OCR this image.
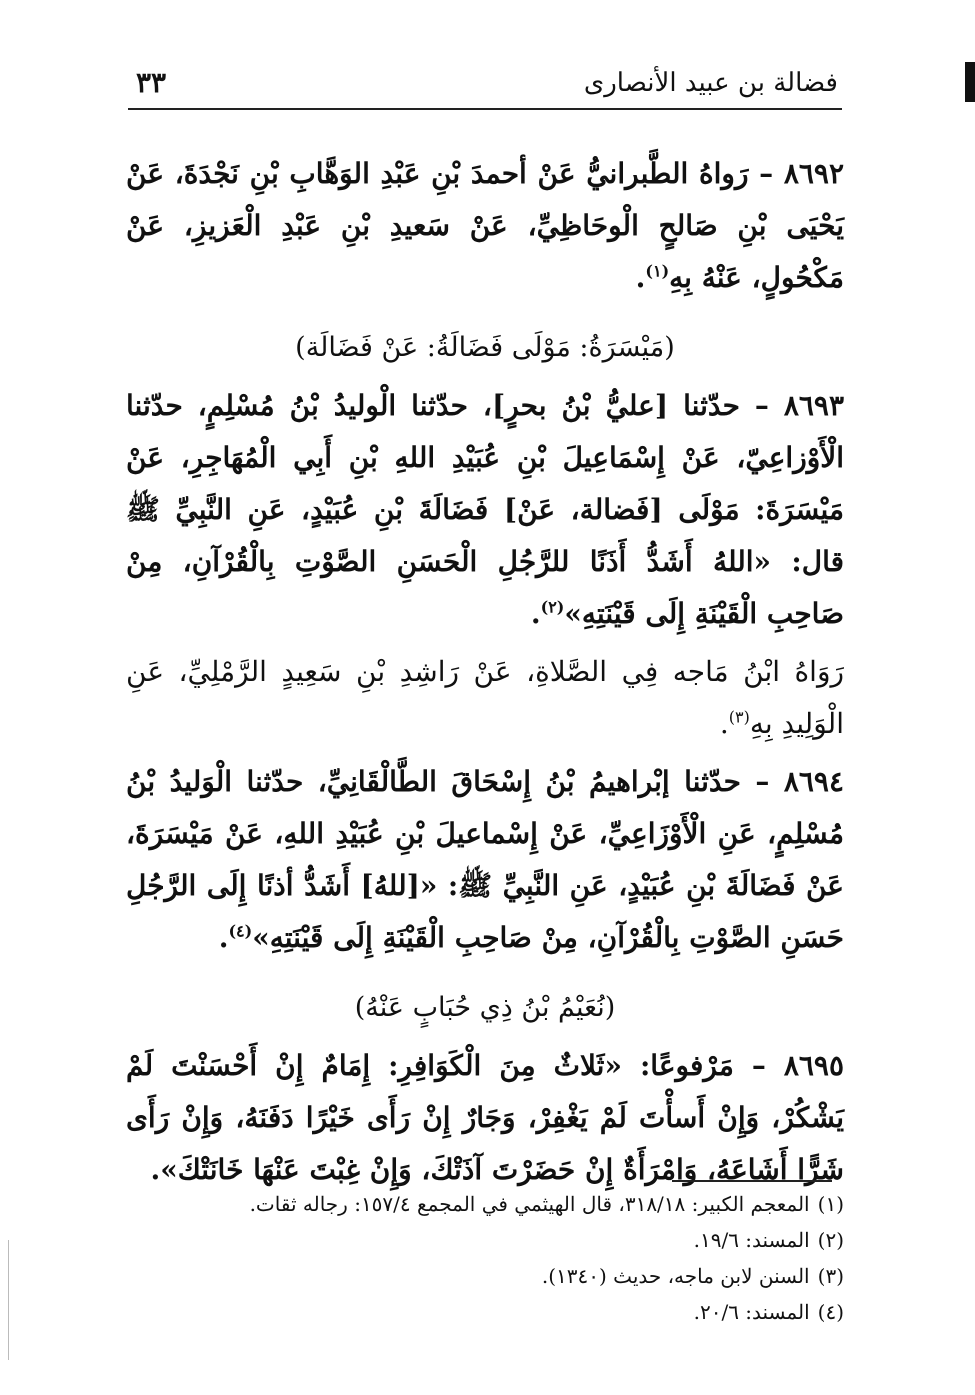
فضالة بن عبيد الأنصارى
٣٣

٨٦٩٢ – رَواهُ الطَّبرانيُّ عَنْ أحمدَ بْنِ عَبْدِ الوَهَّابِ بْنِ نَجْدَةَ، عَنْ يَحْيَى بْنِ صَالحٍ الْوحَاظِيِّ، عَنْ سَعيدِ بْنِ عَبْدِ الْعَزيزِ، عَنْ مَكْحُولٍ، عَنْهُ بِهِ$^{(١)}$.

(مَيْسَرَةُ: مَوْلَى فَضَالَةُ: عَنْ فَضَالَة)

٨٦٩٣ – حدّثنا [عليُّ بْنُ بحرٍ]، حدّثنا الْوليدُ بْنُ مُسْلِمٍ، حدّثنا الْأَوْزاعِيّ، عَنْ إِسْمَاعِيلَ بْنِ عُبَيْدِ اللهِ بْنِ أَبِي الْمُهَاجِرِ، عَنْ مَيْسَرَةَ: مَوْلَى [فَضالة، عَنْ] فَضَالَةَ بْنِ عُبَيْدٍ، عَنِ النَّبِيِّ ﷺ قال: «اللهُ أَشَدُّ أَذَنًا للرَّجُلِ الْحَسَنِ الصَّوْتِ بِالْقُرْآنِ، مِنْ صَاحِبِ الْقَيْنَةِ إِلَى قَيْنَتِهِ»$^{(٢)}$.

رَوَاهُ ابْنُ مَاجه فِي الصَّلاةِ، عَنْ رَاشِدِ بْنِ سَعِيدٍ الرَّمْلِيِّ، عَنِ الْوَلِيدِ بِهِ$^{(٣)}$.

٨٦٩٤ – حدّثنا إبْراهيمُ بْنُ إِسْحَاقَ الطَّالْقَانِيِّ، حدّثنا الْوَليدُ بْنُ مُسْلِمٍ، عَنِ الْأَوْزَاعِيِّ، عَنْ إِسْماعيلَ بْنِ عُبَيْدِ اللهِ، عَنْ مَيْسَرَةَ، عَنْ فَضَالَةَ بْنِ عُبَيْدٍ، عَنِ النَّبِيِّ ﷺ: «[للهُ] أَشَدُّ أذنًا إِلَى الرَّجُلِ حَسَنِ الصَّوْتِ بِالْقُرْآنِ، مِنْ صَاحِبِ الْقَيْنَةِ إِلَى قَيْنَتِهِ»$^{(٤)}$.

(نُعَيْمُ بْنُ ذِي حُبَابٍ عَنْهُ)

٨٦٩٥ – مَرْفوعًا: «ثَلاثٌ مِنَ الْكَوَافِرِ: إِمَامٌ إِنْ أَحْسَنْتَ لَمْ يَشْكُرْ، وَإِنْ أَسأْتَ لَمْ يَغْفِرْ، وَجَارٌ إِنْ رَأَى خَيْرًا دَفَنَهُ، وَإِنْ رَأَى شَرًّا أَشَاعَهُ، وَامْرَأَةٌ إِنْ حَضَرْتَ آذَتْكَ، وَإِنْ غِبْتَ عَنْهَا خَانَتْكَ».

(١)المعجم الكبير: ٣١٨/١٨، قال الهيثمي في المجمع ١٥٧/٤: رجاله ثقات.

(٢)المسند: ١٩/٦.

(٣)السنن لابن ماجه، حديث (١٣٤٠).

(٤)المسند: ٢٠/٦.
